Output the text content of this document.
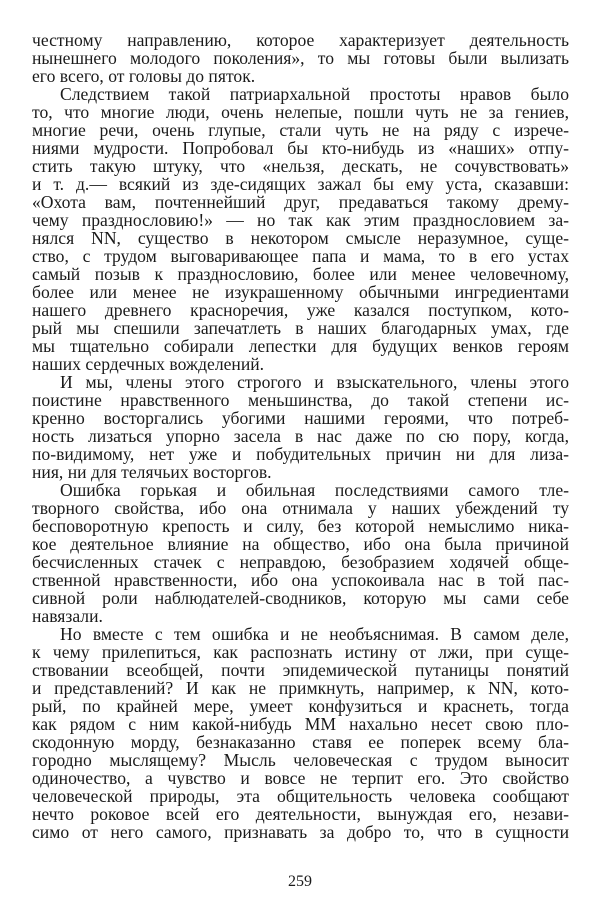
честному направлению, которое характеризует деятельность
нынешнего молодого поколения», то мы готовы были вылизать
его всего, от головы до пяток.
Следствием такой патриархальной простоты нравов было
то, что многие люди, очень нелепые, пошли чуть не за гениев,
многие речи, очень глупые, стали чуть не на ряду с изрече-
ниями мудрости. Попробовал бы кто-нибудь из «наших» отпу-
стить такую штуку, что «нельзя, дескать, не сочувствовать»
и т. д.— всякий из зде-сидящих зажал бы ему уста, сказавши:
«Охота вам, почтеннейший друг, предаваться такому дрему-
чему празднословию!» — но так как этим празднословием за-
нялся NN, существо в некотором смысле неразумное, суще-
ство, с трудом выговаривающее папа и мама, то в его устах
самый позыв к празднословию, более или менее человечному,
более или менее не изукрашенному обычными ингредиентами
нашего древнего красноречия, уже казался поступком, кото-
рый мы спешили запечатлеть в наших благодарных умах, где
мы тщательно собирали лепестки для будущих венков героям
наших сердечных вожделений.
И мы, члены этого строгого и взыскательного, члены этого
поистине нравственного меньшинства, до такой степени ис-
кренно восторгались убогими нашими героями, что потреб-
ность лизаться упорно засела в нас даже по сю пору, когда,
по-видимому, нет уже и побудительных причин ни для лиза-
ния, ни для телячьих восторгов.
Ошибка горькая и обильная последствиями самого тле-
творного свойства, ибо она отнимала у наших убеждений ту
бесповоротную крепость и силу, без которой немыслимо ника-
кое деятельное влияние на общество, ибо она была причиной
бесчисленных стачек с неправдою, безобразием ходячей обще-
ственной нравственности, ибо она успокоивала нас в той пас-
сивной роли наблюдателей-сводников, которую мы сами себе
навязали.
Но вместе с тем ошибка и не необъяснимая. В самом деле,
к чему прилепиться, как распознать истину от лжи, при суще-
ствовании всеобщей, почти эпидемической путаницы понятий
и представлений? И как не примкнуть, например, к NN, кото-
рый, по крайней мере, умеет конфузиться и краснеть, тогда
как рядом с ним какой-нибудь MM нахально несет свою пло-
скодонную морду, безнаказанно ставя ее поперек всему бла-
городно мыслящему? Мысль человеческая с трудом выносит
одиночество, а чувство и вовсе не терпит его. Это свойство
человеческой природы, эта общительность человека сообщают
нечто роковое всей его деятельности, вынуждая его, незави-
симо от него самого, признавать за добро то, что в сущности
259
